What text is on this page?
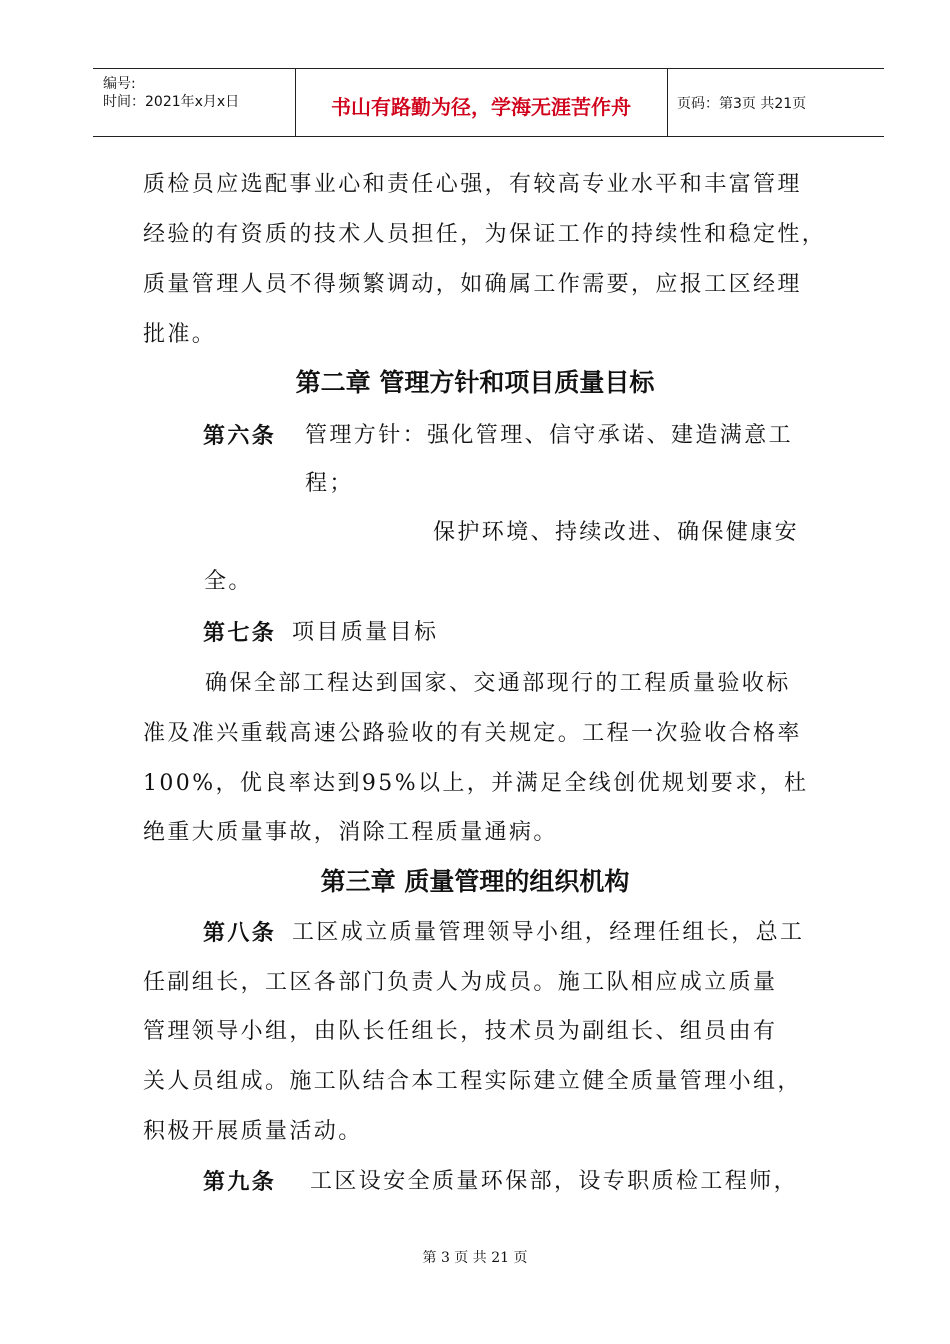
编号:
时间：2021年x月x日	书山有路勤为径，学海无涯苦作舟	页码：第3页 共21页
质检员应选配事业心和责任心强，有较高专业水平和丰富管理
经验的有资质的技术人员担任，为保证工作的持续性和稳定性，
质量管理人员不得频繁调动，如确属工作需要，应报工区经理
批准。
第二章 管理方针和项目质量目标
第六条 管理方针：强化管理、信守承诺、建造满意工
程；
保护环境、持续改进、确保健康安
全。
第七条 项目质量目标
确保全部工程达到国家、交通部现行的工程质量验收标
准及准兴重载高速公路验收的有关规定。工程一次验收合格率
100%，优良率达到95%以上，并满足全线创优规划要求，杜
绝重大质量事故，消除工程质量通病。
第三章 质量管理的组织机构
第八条 工区成立质量管理领导小组，经理任组长，总工
任副组长，工区各部门负责人为成员。施工队相应成立质量
管理领导小组，由队长任组长，技术员为副组长、组员由有
关人员组成。施工队结合本工程实际建立健全质量管理小组，
积极开展质量活动。
第九条 工区设安全质量环保部，设专职质检工程师，
第 3 页 共 21 页
